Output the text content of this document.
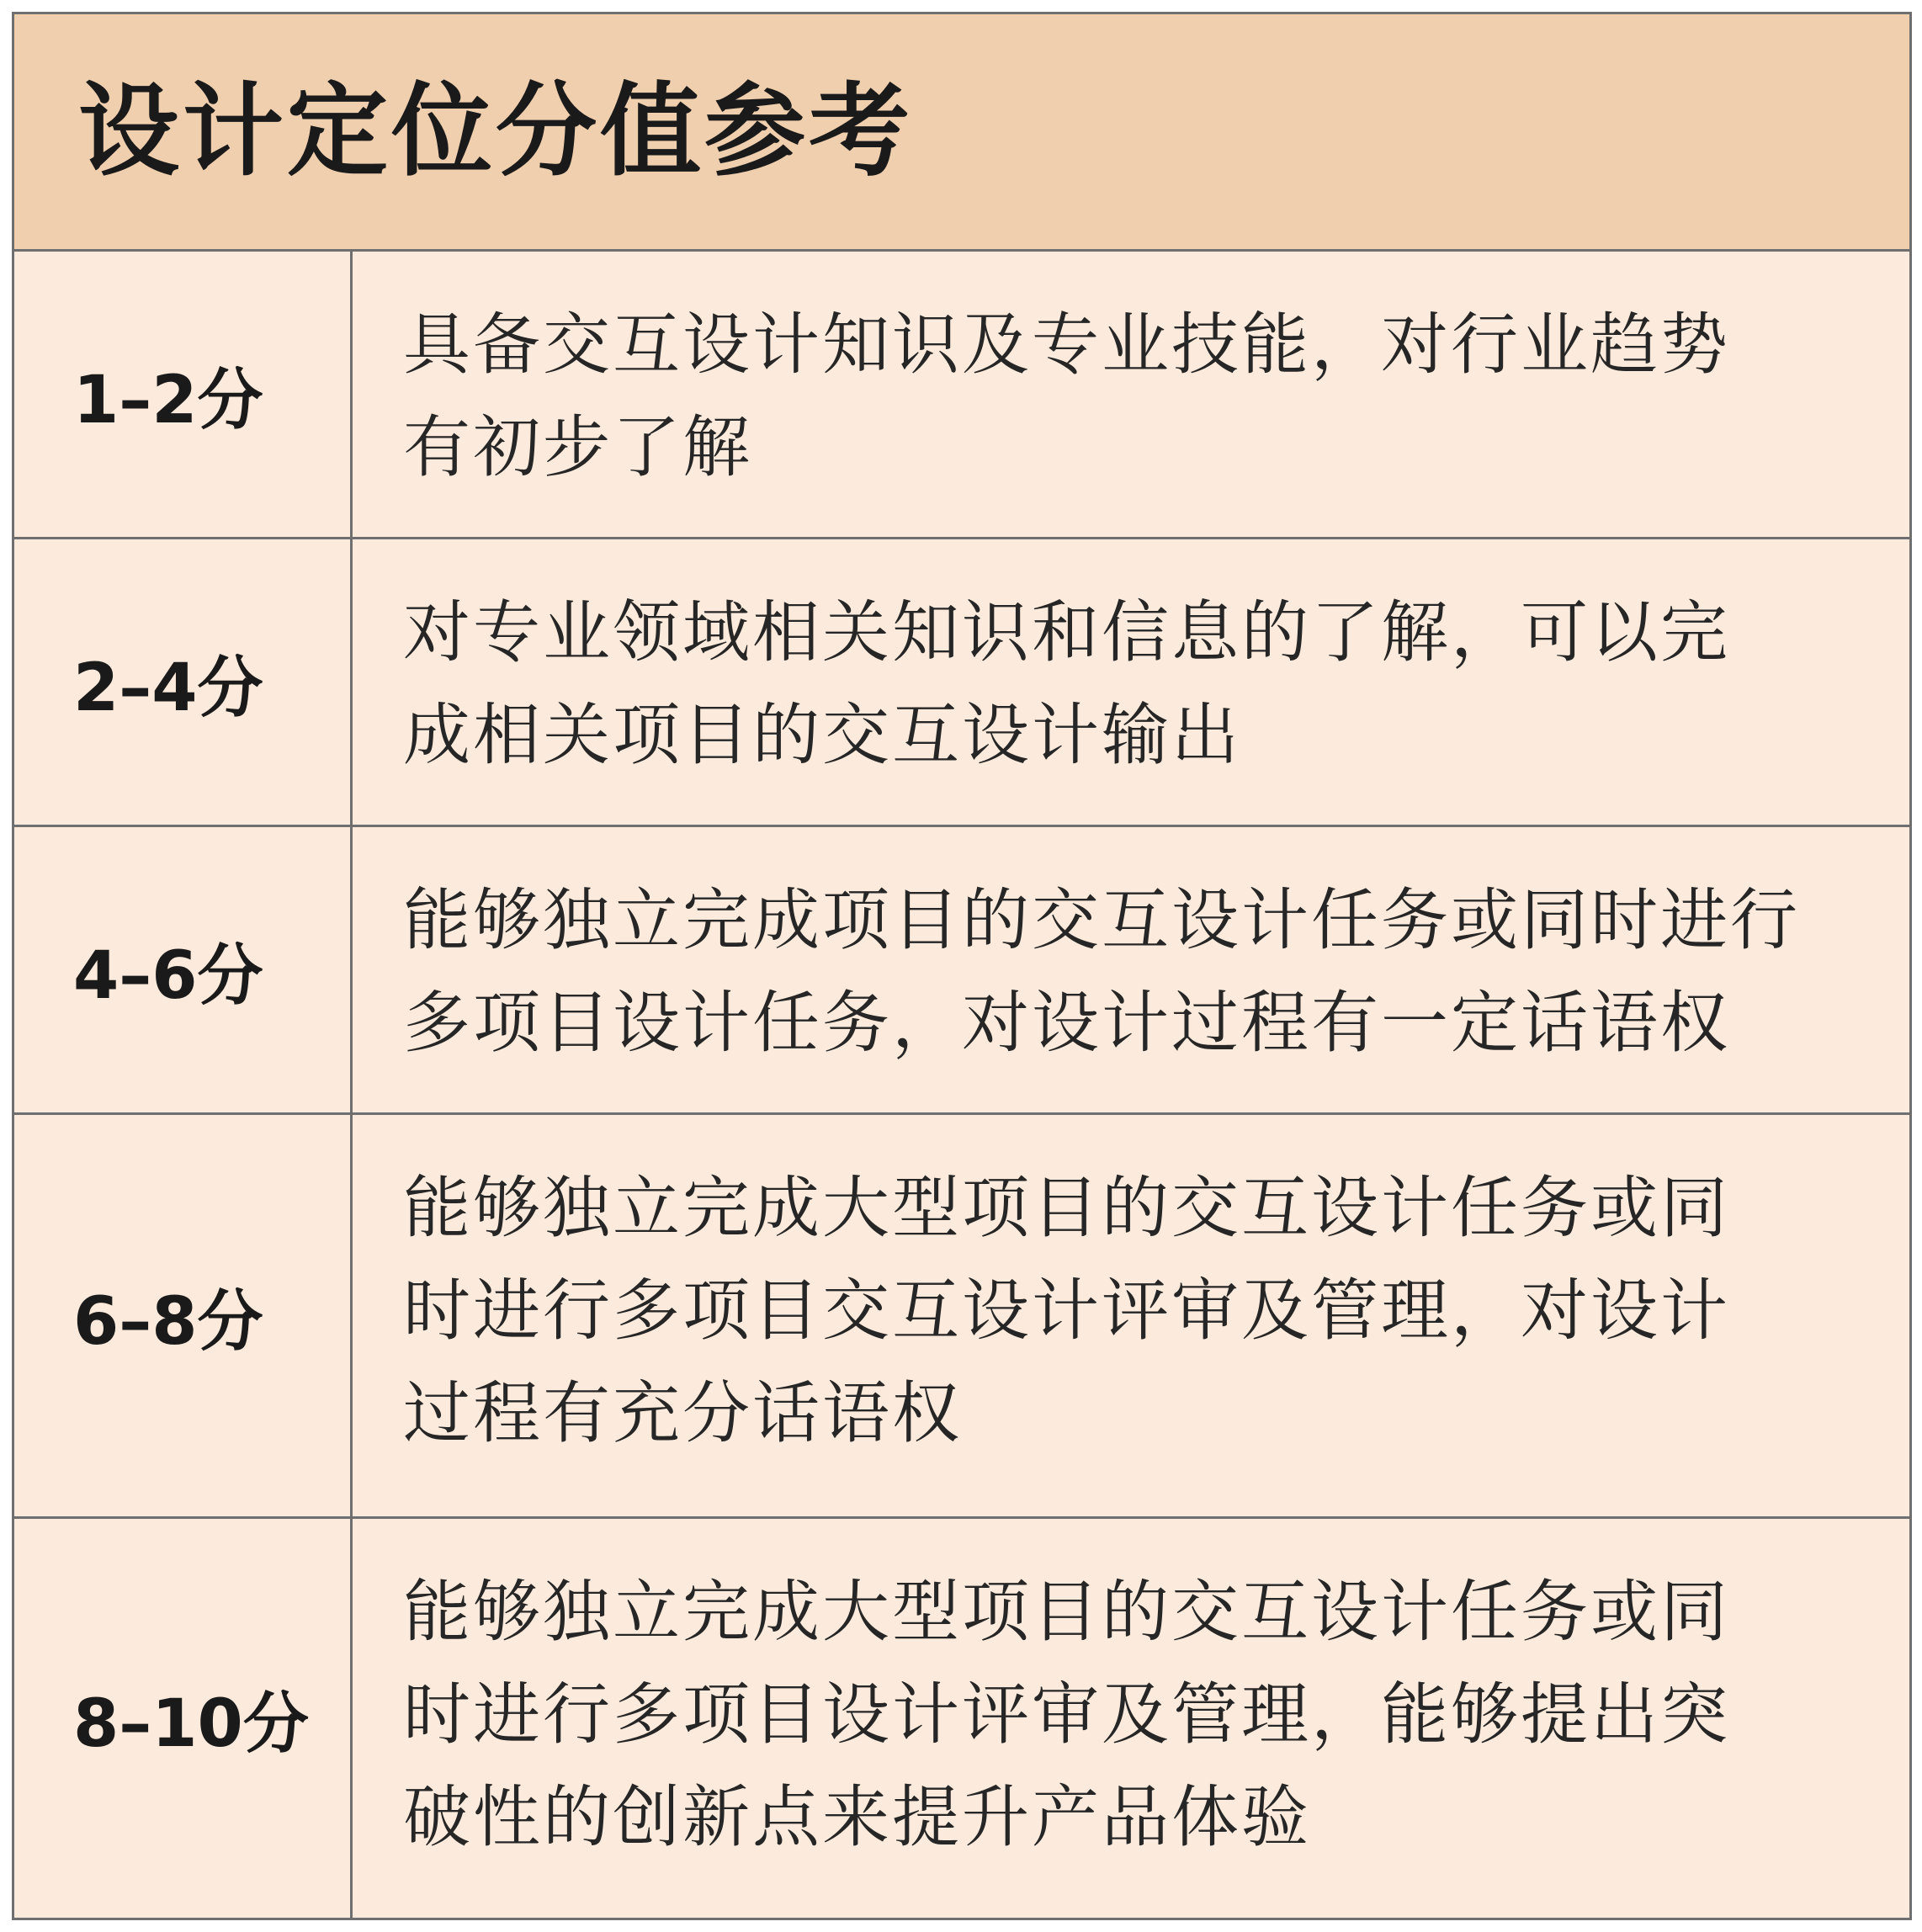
设计定位分值参考
1–2分
具备交互设计知识及专业技能，对行业趋势
有初步了解
2–4分
对专业领域相关知识和信息的了解，可以完
成相关项目的交互设计输出
4–6分
能够独立完成项目的交互设计任务或同时进行
多项目设计任务，对设计过程有一定话语权
6–8分
能够独立完成大型项目的交互设计任务或同
时进行多项目交互设计评审及管理，对设计
过程有充分话语权
8–10分
能够独立完成大型项目的交互设计任务或同
时进行多项目设计评审及管理，能够提出突
破性的创新点来提升产品体验
